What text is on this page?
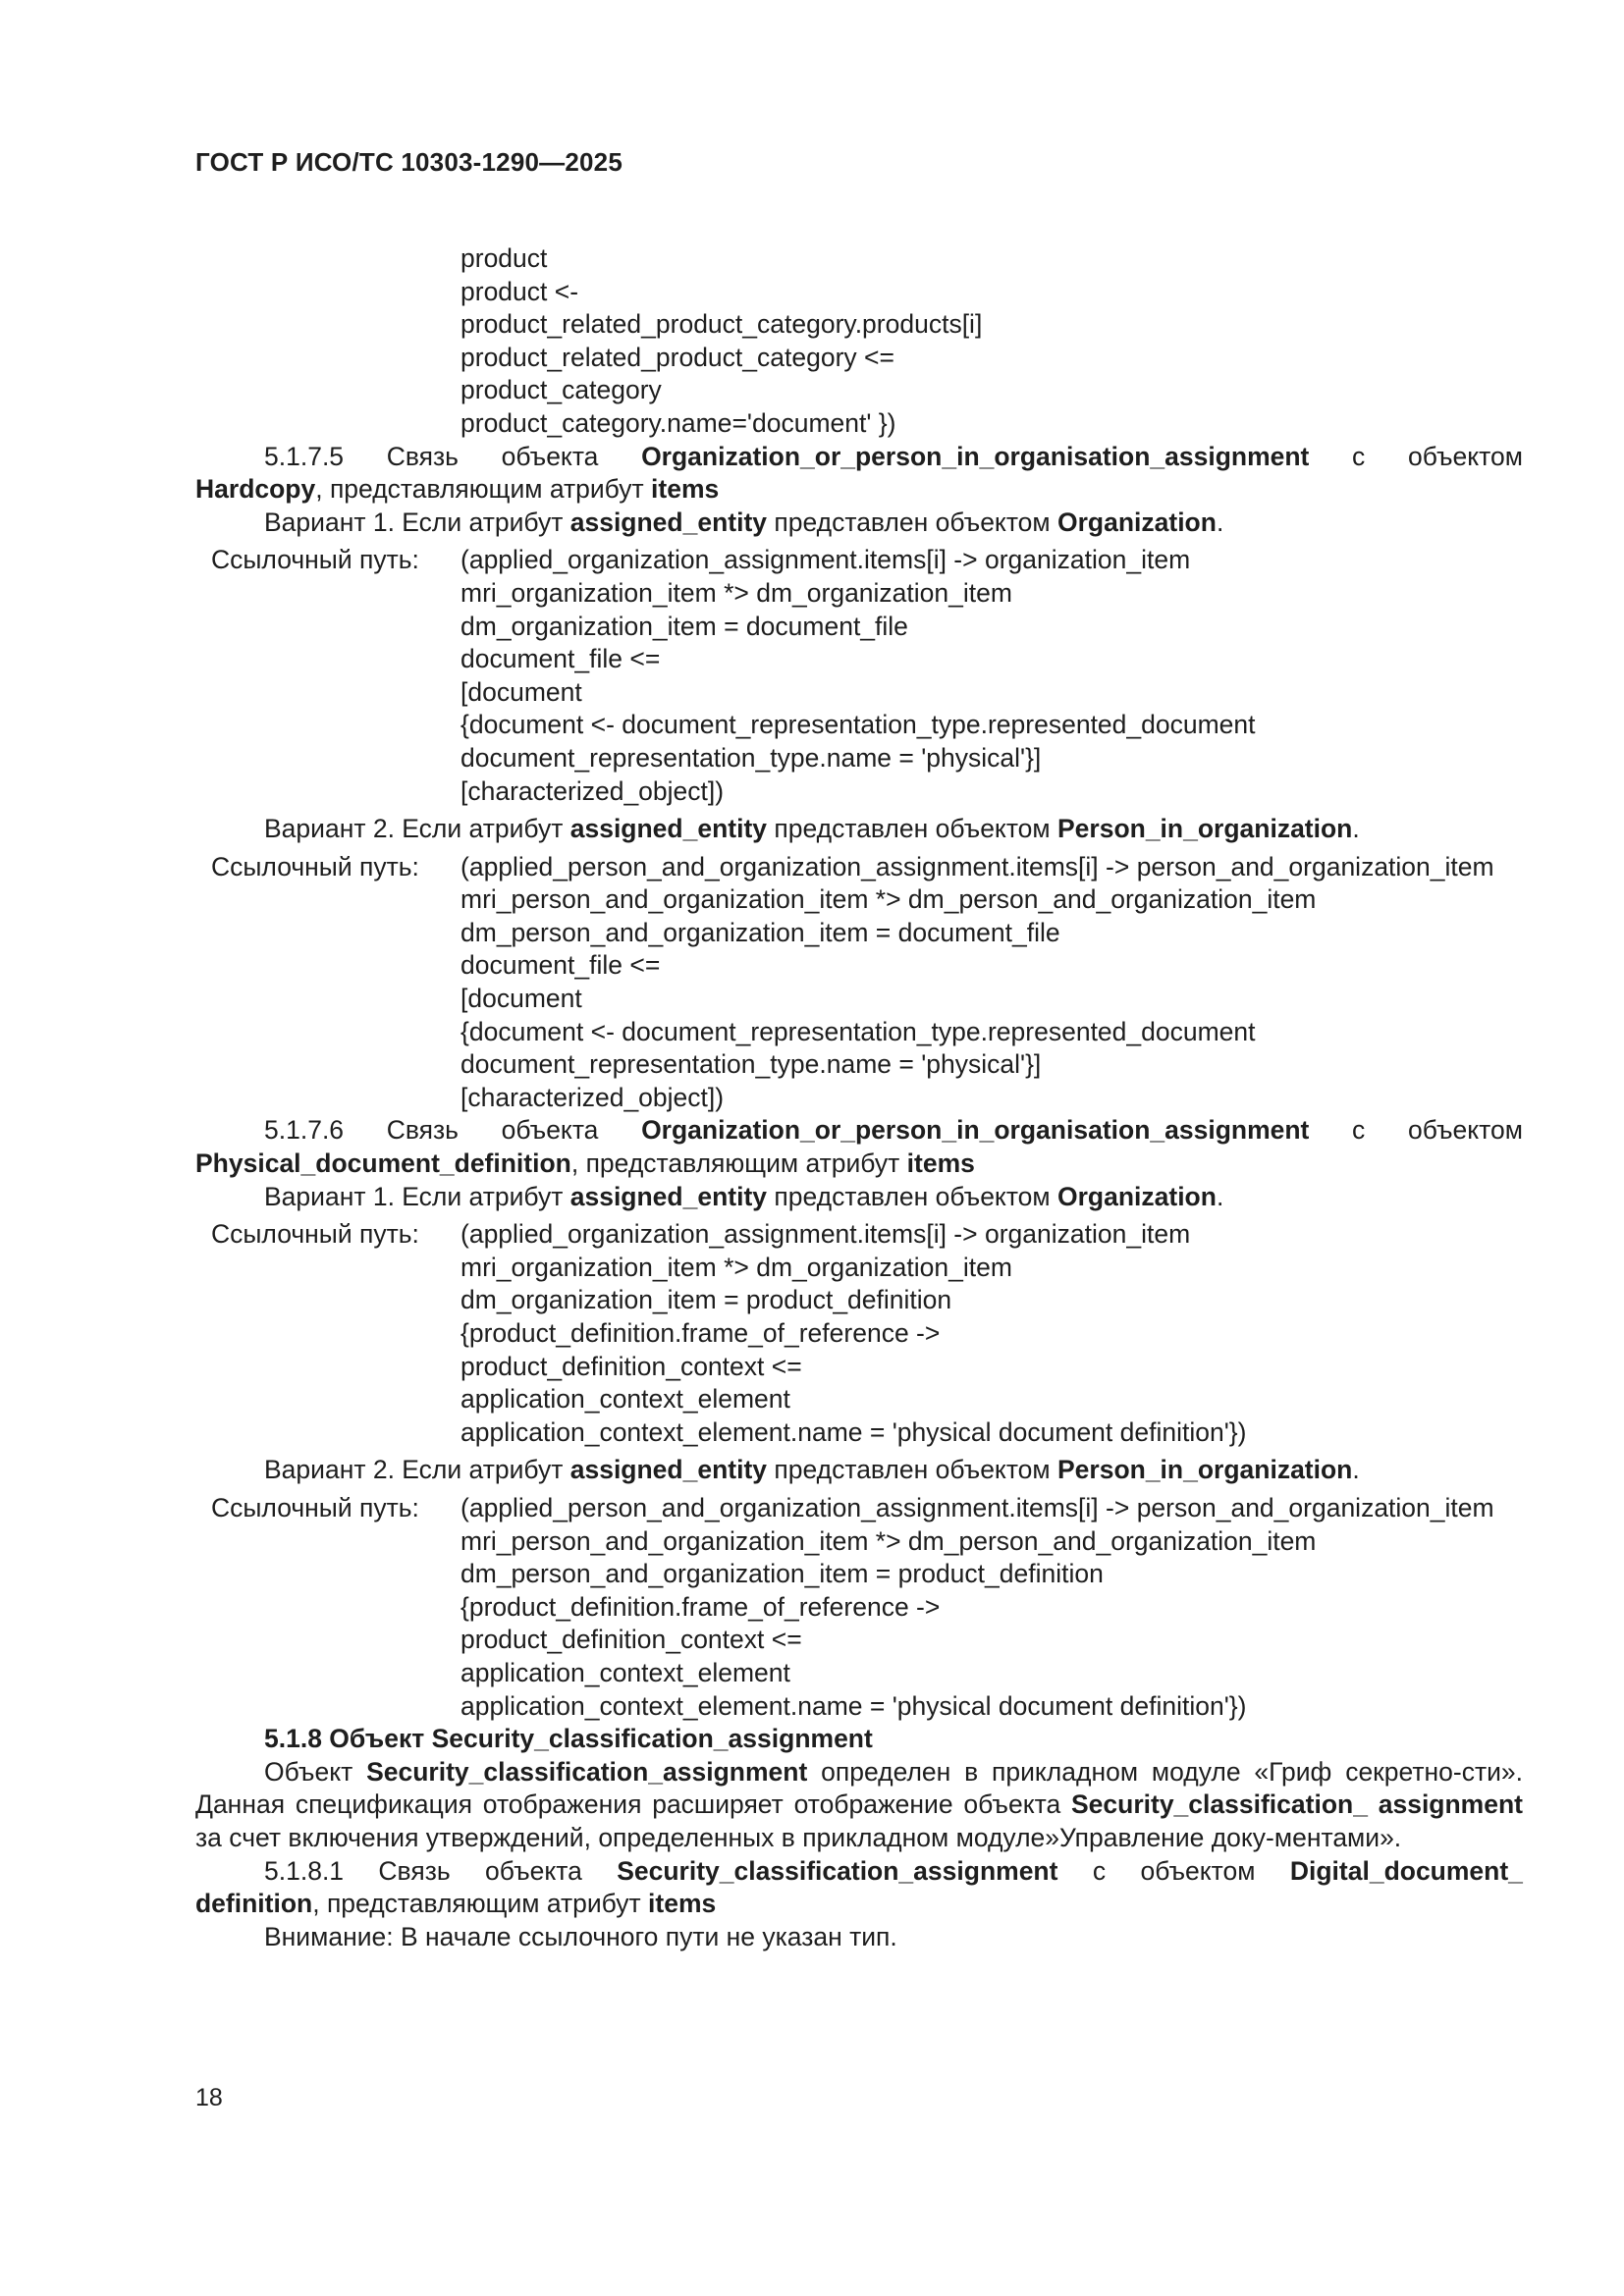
ГОСТ Р ИСО/ТС 10303-1290—2025
product
product <-
product_related_product_category.products[i]
product_related_product_category <=
product_category
product_category.name='document' })
5.1.7.5 Связь объекта Organization_or_person_in_organisation_assignment с объектом
Hardcopy, представляющим атрибут items
Вариант 1. Если атрибут assigned_entity представлен объектом Organization.
Ссылочный путь: (applied_organization_assignment.items[i] -> organization_item
mri_organization_item *> dm_organization_item
dm_organization_item = document_file
document_file <=
[document
{document <- document_representation_type.represented_document
document_representation_type.name = 'physical'}]
[characterized_object])
Вариант 2. Если атрибут assigned_entity представлен объектом Person_in_organization.
Ссылочный путь: (applied_person_and_organization_assignment.items[i] -> person_and_organization_item
mri_person_and_organization_item *> dm_person_and_organization_item
dm_person_and_organization_item = document_file
document_file <=
[document
{document <- document_representation_type.represented_document
document_representation_type.name = 'physical'}]
[characterized_object])
5.1.7.6 Связь объекта Organization_or_person_in_organisation_assignment с объектом
Physical_document_definition, представляющим атрибут items
Вариант 1. Если атрибут assigned_entity представлен объектом Organization.
Ссылочный путь: (applied_organization_assignment.items[i] -> organization_item
mri_organization_item *> dm_organization_item
dm_organization_item = product_definition
{product_definition.frame_of_reference ->
product_definition_context <=
application_context_element
application_context_element.name = 'physical document definition'})
Вариант 2. Если атрибут assigned_entity представлен объектом Person_in_organization.
Ссылочный путь: (applied_person_and_organization_assignment.items[i] -> person_and_organization_item
mri_person_and_organization_item *> dm_person_and_organization_item
dm_person_and_organization_item = product_definition
{product_definition.frame_of_reference ->
product_definition_context <=
application_context_element
application_context_element.name = 'physical document definition'})
5.1.8 Объект Security_classification_assignment

Объект Security_classification_assignment определен в прикладном модуле «Гриф секретно-сти». Данная спецификация отображения расширяет отображение объекта Security_classification_ assignment за счет включения утверждений, определенных в прикладном модуле»Управление доку-ментами».

5.1.8.1 Связь объекта Security_classification_assignment с объектом Digital_document_
definition, представляющим атрибут items
Внимание: В начале ссылочного пути не указан тип.
18
